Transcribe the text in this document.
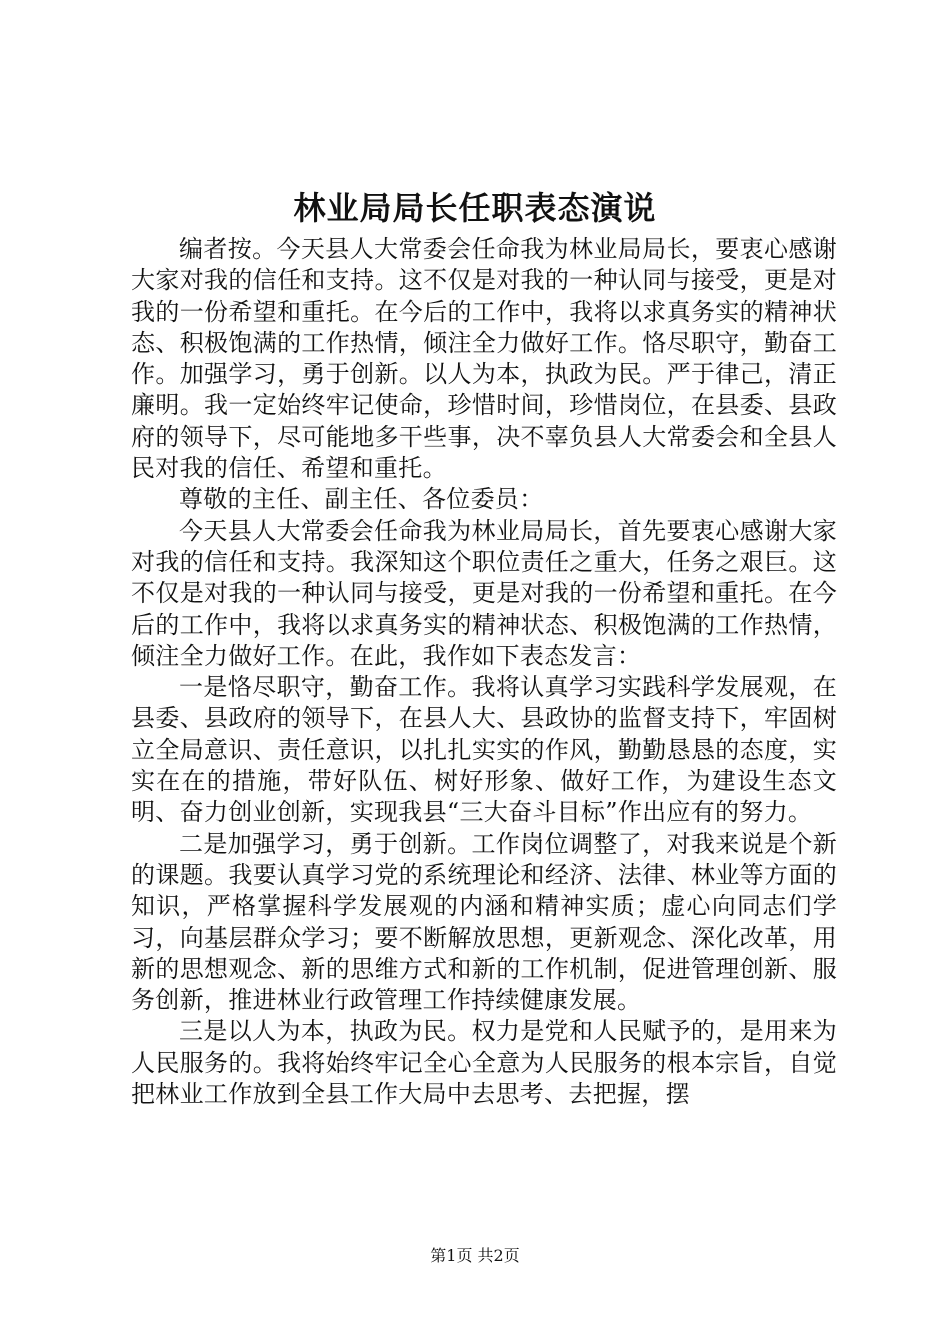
林业局局长任职表态演说

编者按。今天县人大常委会任命我为林业局局长，要衷心感谢大家对我的信任和支持。这不仅是对我的一种认同与接受，更是对我的一份希望和重托。在今后的工作中，我将以求真务实的精神状态、积极饱满的工作热情，倾注全力做好工作。恪尽职守，勤奋工作。加强学习，勇于创新。以人为本，执政为民。严于律己，清正廉明。我一定始终牢记使命，珍惜时间，珍惜岗位，在县委、县政府的领导下，尽可能地多干些事，决不辜负县人大常委会和全县人民对我的信任、希望和重托。

尊敬的主任、副主任、各位委员：

今天县人大常委会任命我为林业局局长，首先要衷心感谢大家对我的信任和支持。我深知这个职位责任之重大，任务之艰巨。这不仅是对我的一种认同与接受，更是对我的一份希望和重托。在今后的工作中，我将以求真务实的精神状态、积极饱满的工作热情，倾注全力做好工作。在此，我作如下表态发言：

一是恪尽职守，勤奋工作。我将认真学习实践科学发展观，在县委、县政府的领导下，在县人大、县政协的监督支持下，牢固树立全局意识、责任意识，以扎扎实实的作风，勤勤恳恳的态度，实实在在的措施，带好队伍、树好形象、做好工作，为建设生态文明、奋力创业创新，实现我县“三大奋斗目标”作出应有的努力。

二是加强学习，勇于创新。工作岗位调整了，对我来说是个新的课题。我要认真学习党的系统理论和经济、法律、林业等方面的知识，严格掌握科学发展观的内涵和精神实质；虚心向同志们学习，向基层群众学习；要不断解放思想，更新观念、深化改革，用新的思想观念、新的思维方式和新的工作机制，促进管理创新、服务创新，推进林业行政管理工作持续健康发展。

三是以人为本，执政为民。权力是党和人民赋予的，是用来为人民服务的。我将始终牢记全心全意为人民服务的根本宗旨，自觉把林业工作放到全县工作大局中去思考、去把握，摆

第1页 共2页
